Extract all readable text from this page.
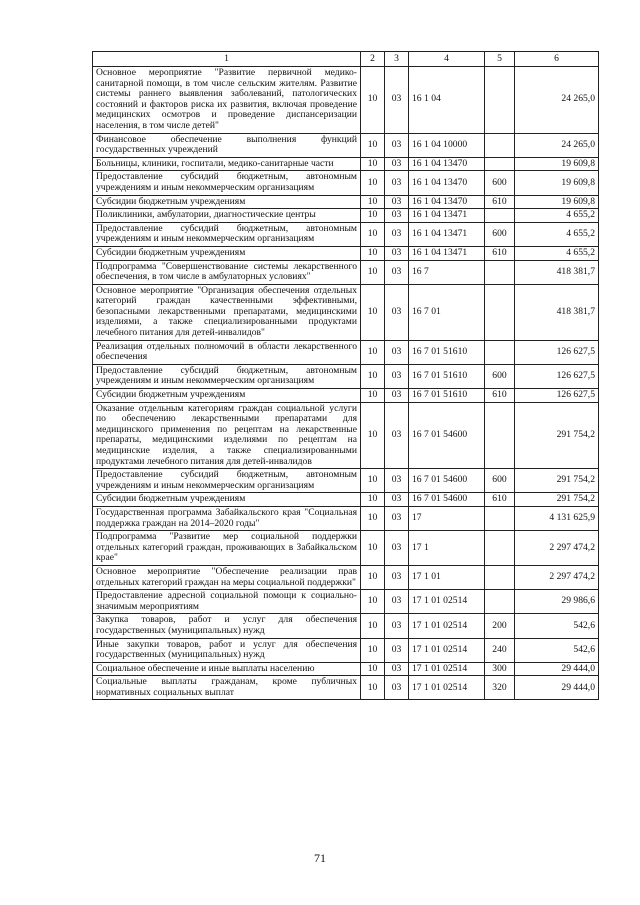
1	2	3	4	5	6
Основное мероприятие "Развитие первичной медико-санитарной помощи, в том числе сельским жителям. Развитие системы раннего выявления заболеваний, патологических состояний и факторов риска их развития, включая проведение медицинских осмотров и проведение диспансеризации населения, в том числе детей"	10	03	16 1 04		24 265,0
Финансовое обеспечение выполнения функций государственных учреждений	10	03	16 1 04 10000		24 265,0
Больницы, клиники, госпитали, медико-санитарные части	10	03	16 1 04 13470		19 609,8
Предоставление субсидий бюджетным, автономным учреждениям и иным некоммерческим организациям	10	03	16 1 04 13470	600	19 609,8
Субсидии бюджетным учреждениям	10	03	16 1 04 13470	610	19 609,8
Поликлиники, амбулатории, диагностические центры	10	03	16 1 04 13471		4 655,2
Предоставление субсидий бюджетным, автономным учреждениям и иным некоммерческим организациям	10	03	16 1 04 13471	600	4 655,2
Субсидии бюджетным учреждениям	10	03	16 1 04 13471	610	4 655,2
Подпрограмма "Совершенствование системы лекарственного обеспечения, в том числе в амбулаторных условиях"	10	03	16 7		418 381,7
Основное мероприятие "Организация обеспечения отдельных категорий граждан качественными эффективными, безопасными лекарственными препаратами, медицинскими изделиями, а также специализированными продуктами лечебного питания для детей-инвалидов"	10	03	16 7 01		418 381,7
Реализация отдельных полномочий в области лекарственного обеспечения	10	03	16 7 01 51610		126 627,5
Предоставление субсидий бюджетным, автономным учреждениям и иным некоммерческим организациям	10	03	16 7 01 51610	600	126 627,5
Субсидии бюджетным учреждениям	10	03	16 7 01 51610	610	126 627,5
Оказание отдельным категориям граждан социальной услуги по обеспечению лекарственными препаратами для медицинского применения по рецептам на лекарственные препараты, медицинскими изделиями по рецептам на медицинские изделия, а также специализированными продуктами лечебного питания для детей-инвалидов	10	03	16 7 01 54600		291 754,2
Предоставление субсидий бюджетным, автономным учреждениям и иным некоммерческим организациям	10	03	16 7 01 54600	600	291 754,2
Субсидии бюджетным учреждениям	10	03	16 7 01 54600	610	291 754,2
Государственная программа Забайкальского края "Социальная поддержка граждан на 2014–2020 годы"	10	03	17		4 131 625,9
Подпрограмма "Развитие мер социальной поддержки отдельных категорий граждан, проживающих в Забайкальском крае"	10	03	17 1		2 297 474,2
Основное мероприятие "Обеспечение реализации прав отдельных категорий граждан на меры социальной поддержки"	10	03	17 1 01		2 297 474,2
Предоставление адресной социальной помощи к социально-значимым мероприятиям	10	03	17 1 01 02514		29 986,6
Закупка товаров, работ и услуг для обеспечения государственных (муниципальных) нужд	10	03	17 1 01 02514	200	542,6
Иные закупки товаров, работ и услуг для обеспечения государственных (муниципальных) нужд	10	03	17 1 01 02514	240	542,6
Социальное обеспечение и иные выплаты населению	10	03	17 1 01 02514	300	29 444,0
Социальные выплаты гражданам, кроме публичных нормативных социальных выплат	10	03	17 1 01 02514	320	29 444,0
71
